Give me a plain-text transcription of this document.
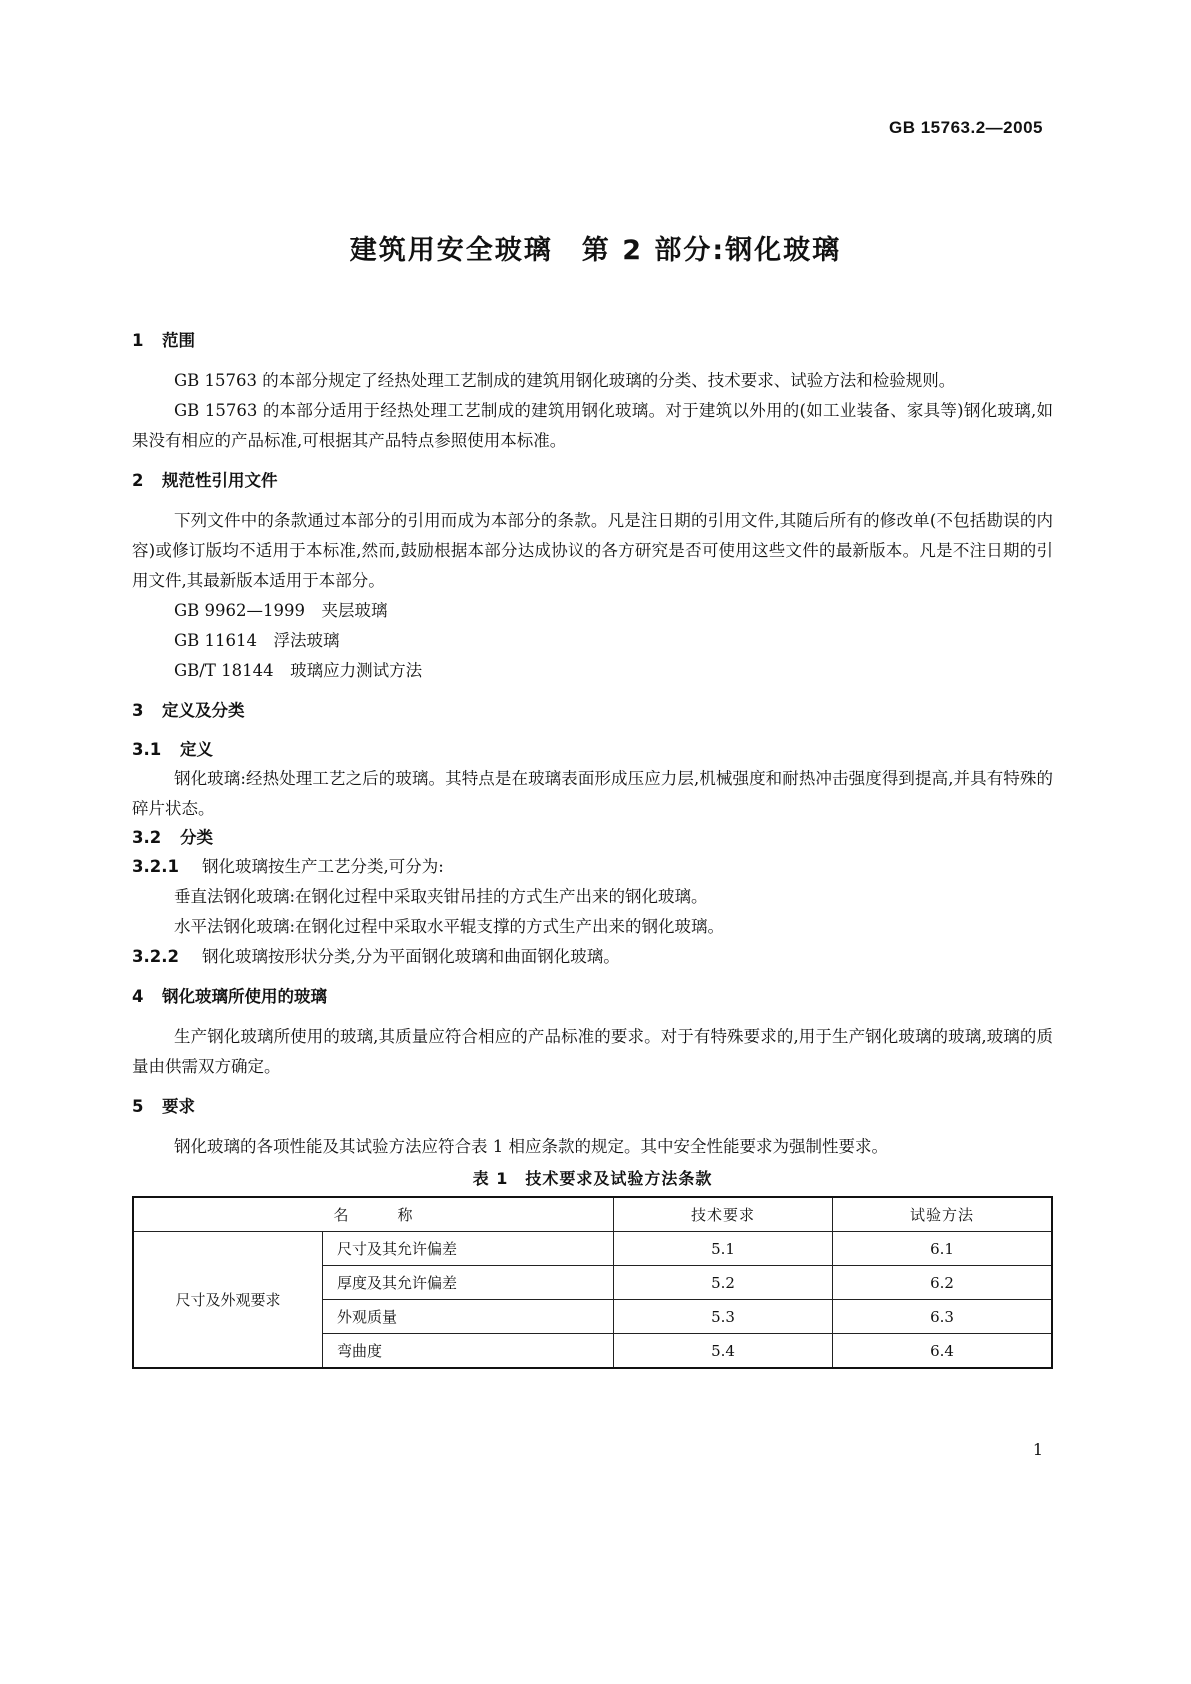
GB 15763.2—2005
建筑用安全玻璃　第 2 部分:钢化玻璃
1 范围

GB 15763 的本部分规定了经热处理工艺制成的建筑用钢化玻璃的分类、技术要求、试验方法和检验规则。

GB 15763 的本部分适用于经热处理工艺制成的建筑用钢化玻璃。对于建筑以外用的(如工业装备、家具等)钢化玻璃,如果没有相应的产品标准,可根据其产品特点参照使用本标准。

2 规范性引用文件

下列文件中的条款通过本部分的引用而成为本部分的条款。凡是注日期的引用文件,其随后所有的修改单(不包括勘误的内容)或修订版均不适用于本标准,然而,鼓励根据本部分达成协议的各方研究是否可使用这些文件的最新版本。凡是不注日期的引用文件,其最新版本适用于本部分。

GB 9962—1999　夹层玻璃
GB 11614　浮法玻璃
GB/T 18144　玻璃应力测试方法
3 定义及分类
3.1 定义

钢化玻璃:经热处理工艺之后的玻璃。其特点是在玻璃表面形成压应力层,机械强度和耐热冲击强度得到提高,并具有特殊的碎片状态。

3.2 分类
3.2.1 钢化玻璃按生产工艺分类,可分为:

垂直法钢化玻璃:在钢化过程中采取夹钳吊挂的方式生产出来的钢化玻璃。

水平法钢化玻璃:在钢化过程中采取水平辊支撑的方式生产出来的钢化玻璃。

3.2.2 钢化玻璃按形状分类,分为平面钢化玻璃和曲面钢化玻璃。
4 钢化玻璃所使用的玻璃

生产钢化玻璃所使用的玻璃,其质量应符合相应的产品标准的要求。对于有特殊要求的,用于生产钢化玻璃的玻璃,玻璃的质量由供需双方确定。

5 要求

钢化玻璃的各项性能及其试验方法应符合表 1 相应条款的规定。其中安全性能要求为强制性要求。

表 1　技术要求及试验方法条款
名　　　称		技术要求	试验方法
尺寸及外观要求	尺寸及其允许偏差	5.1	6.1
	厚度及其允许偏差	5.2	6.2
	外观质量	5.3	6.3
	弯曲度	5.4	6.4
1
